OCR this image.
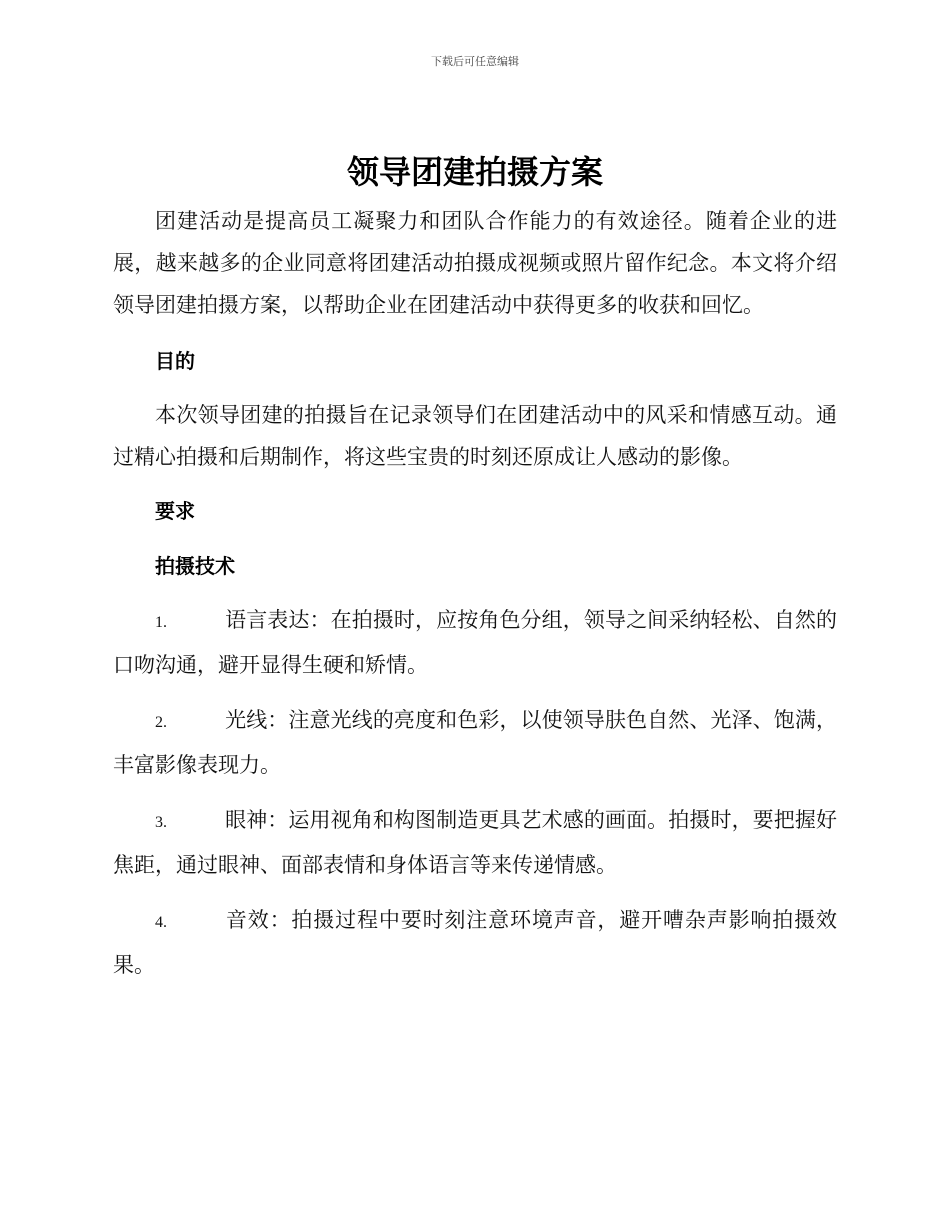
下载后可任意编辑
领导团建拍摄方案

团建活动是提高员工凝聚力和团队合作能力的有效途径。随着企业的进展，越来越多的企业同意将团建活动拍摄成视频或照片留作纪念。本文将介绍领导团建拍摄方案，以帮助企业在团建活动中获得更多的收获和回忆。

目的

本次领导团建的拍摄旨在记录领导们在团建活动中的风采和情感互动。通过精心拍摄和后期制作，将这些宝贵的时刻还原成让人感动的影像。

要求
拍摄技术

1.	语言表达：在拍摄时，应按角色分组，领导之间采纳轻松、自然的口吻沟通，避开显得生硬和矫情。

2.	光线：注意光线的亮度和色彩，以使领导肤色自然、光泽、饱满，丰富影像表现力。

3.	眼神：运用视角和构图制造更具艺术感的画面。拍摄时，要把握好焦距，通过眼神、面部表情和身体语言等来传递情感。

4.	音效：拍摄过程中要时刻注意环境声音，避开嘈杂声影响拍摄效果。
